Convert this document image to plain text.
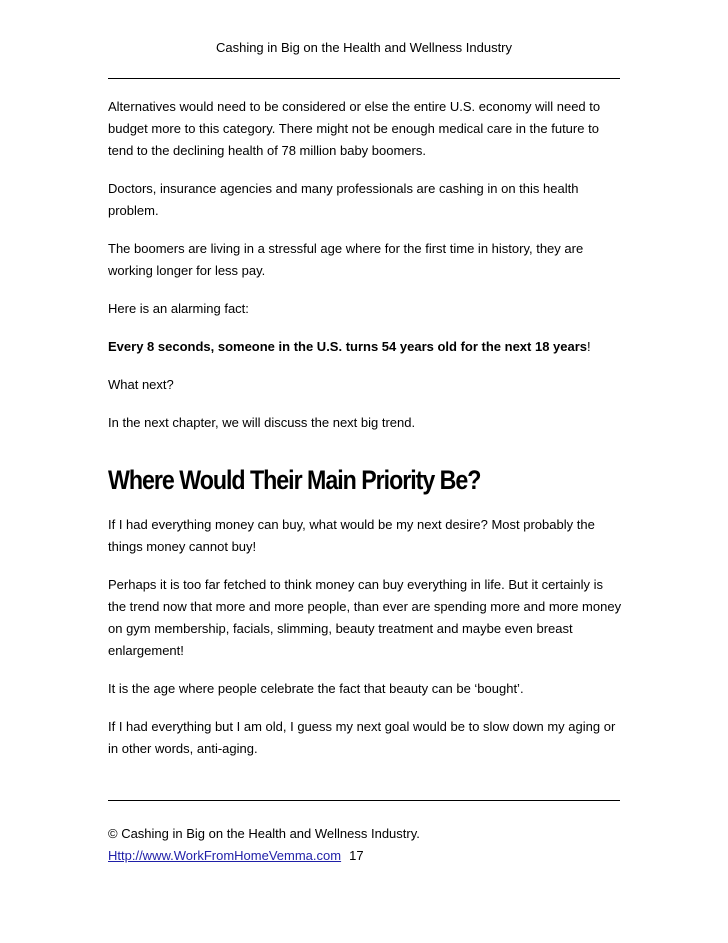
Cashing in Big on the Health and Wellness Industry

Alternatives would need to be considered or else the entire U.S. economy will need to budget more to this category. There might not be enough medical care in the future to tend to the declining health of 78 million baby boomers.

Doctors, insurance agencies and many professionals are cashing in on this health problem.

The boomers are living in a stressful age where for the first time in history, they are working longer for less pay.

Here is an alarming fact:

Every 8 seconds, someone in the U.S. turns 54 years old for the next 18 years!

What next?

In the next chapter, we will discuss the next big trend.

Where Would Their Main Priority Be?

If I had everything money can buy, what would be my next desire? Most probably the things money cannot buy!

Perhaps it is too far fetched to think money can buy everything in life. But it certainly is the trend now that more and more people, than ever are spending more and more money on gym membership, facials, slimming, beauty treatment and maybe even breast enlargement!

It is the age where people celebrate the fact that beauty can be ‘bought’.

If I had everything but I am old, I guess my next goal would be to slow down my aging or in other words, anti-aging.

© Cashing in Big on the Health and Wellness Industry.
Http://www.WorkFromHomeVemma.com 17
